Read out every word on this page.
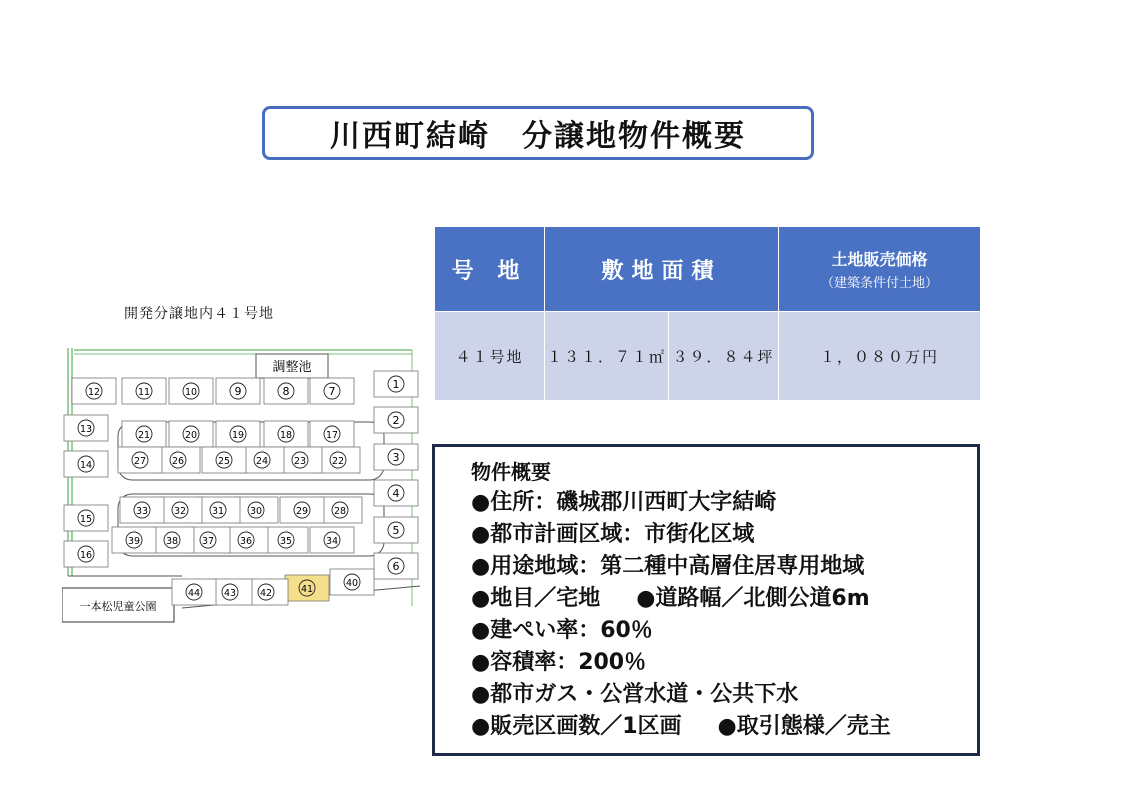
川西町結崎　分譲地物件概要
号 地	敷地面積		土地販売価格
（建築条件付土地）

４１号地	１３１．７１㎡	３９．８４坪	１，０８０万円
開発分譲地内４１号地
調整池
一本松児童公園
1
2
3
4
5
6
7
8
9
10
11
12
13
14
15
16
17
18
19
20
21
22
23
24
25
26
27
28
29
30
31
32
33
34
35
36
37
38
39
40
41
42
43
44
物件概要
●住所：磯城郡川西町大字結崎
●都市計画区域：市街化区域
●用途地域：第二種中高層住居専用地域
●地目／宅地 ●道路幅／北側公道6m
●建ぺい率：60％
●容積率：200％
●都市ガス・公営水道・公共下水
●販売区画数／1区画 ●取引態様／売主
